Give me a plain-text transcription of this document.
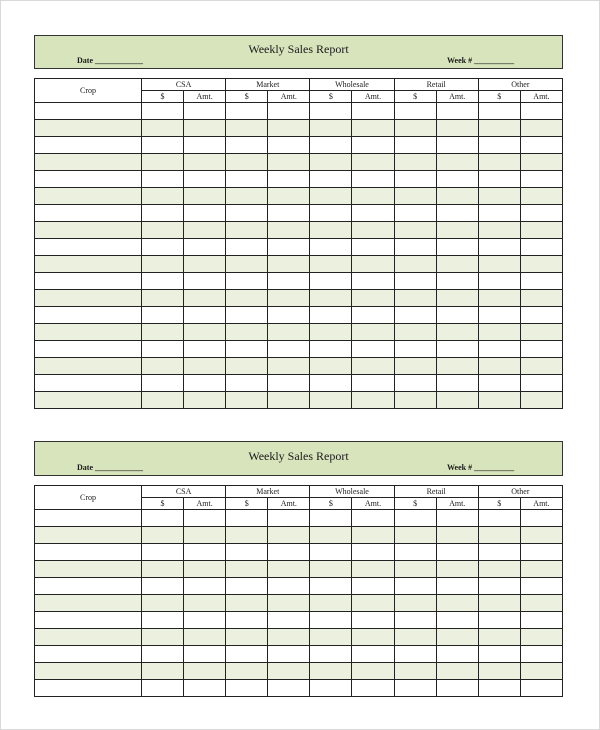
Weekly Sales Report
Date ____________	Week # __________
Crop	CSA		Market		Wholesale		Retail		Other	
	$	Amt.	$	Amt.	$	Amt.	$	Amt.	$	Amt.

Weekly Sales Report
Date ____________	Week # __________
Crop	CSA		Market		Wholesale		Retail		Other	
	$	Amt.	$	Amt.	$	Amt.	$	Amt.	$	Amt.
